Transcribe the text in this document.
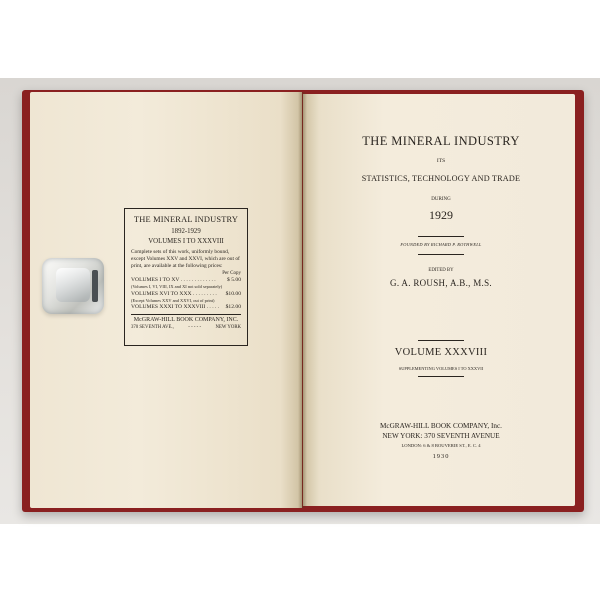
THE MINERAL INDUSTRY
1892-1929
VOLUMES I TO XXXVIII
Complete sets of this work, uniformly bound, except Volumes XXV and XXVI, which are out of print, are available at the following prices:
Per Copy
VOLUMES I TO XV . . . . . . . . . . . . . $ 5.00
(Volumes I, VI, VIII, IX and XI not sold separately)
VOLUMES XVI TO XXX . . . . . . . . . $10.00
(Except Volumes XXV and XXVI, out of print)
VOLUMES XXXI TO XXXVIII . . . . . $12.00
McGRAW-HILL BOOK COMPANY, INC.
370 SEVENTH AVE.,	- - - - -	NEW YORK
THE MINERAL INDUSTRY
ITS
STATISTICS, TECHNOLOGY AND TRADE
DURING
1929
FOUNDED BY RICHARD P. ROTHWELL
EDITED BY
G. A. ROUSH, A.B., M.S.
VOLUME XXXVIII
SUPPLEMENTING VOLUMES I TO XXXVII
McGRAW-HILL BOOK COMPANY, Inc.
NEW YORK: 370 SEVENTH AVENUE
LONDON: 6 & 8 BOUVERIE ST., E. C. 4
1930
